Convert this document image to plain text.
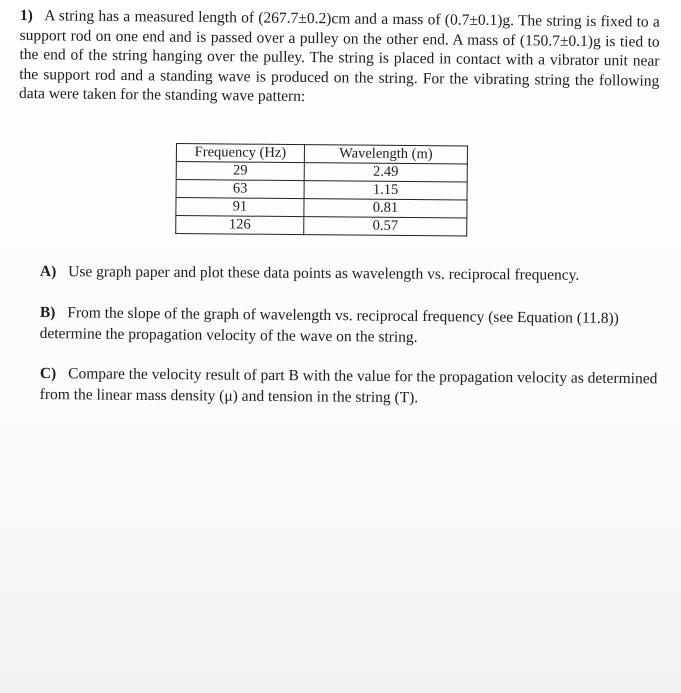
1) A string has a measured length of (267.7±0.2)cm and a mass of (0.7±0.1)g. The string is fixed to a support rod on one end and is passed over a pulley on the other end. A mass of (150.7±0.1)g is tied to the end of the string hanging over the pulley. The string is placed in contact with a vibrator unit near the support rod and a standing wave is produced on the string. For the vibrating string the following data were taken for the standing wave pattern:

Frequency (Hz)	Wavelength (m)
29	2.49
63	1.15
91	0.81
126	0.57
A) Use graph paper and plot these data points as wavelength vs. reciprocal frequency.
B) From the slope of the graph of wavelength vs. reciprocal frequency (see Equation (11.8)) determine the propagation velocity of the wave on the string.
C) Compare the velocity result of part B with the value for the propagation velocity as determined from the linear mass density (μ) and tension in the string (T).
